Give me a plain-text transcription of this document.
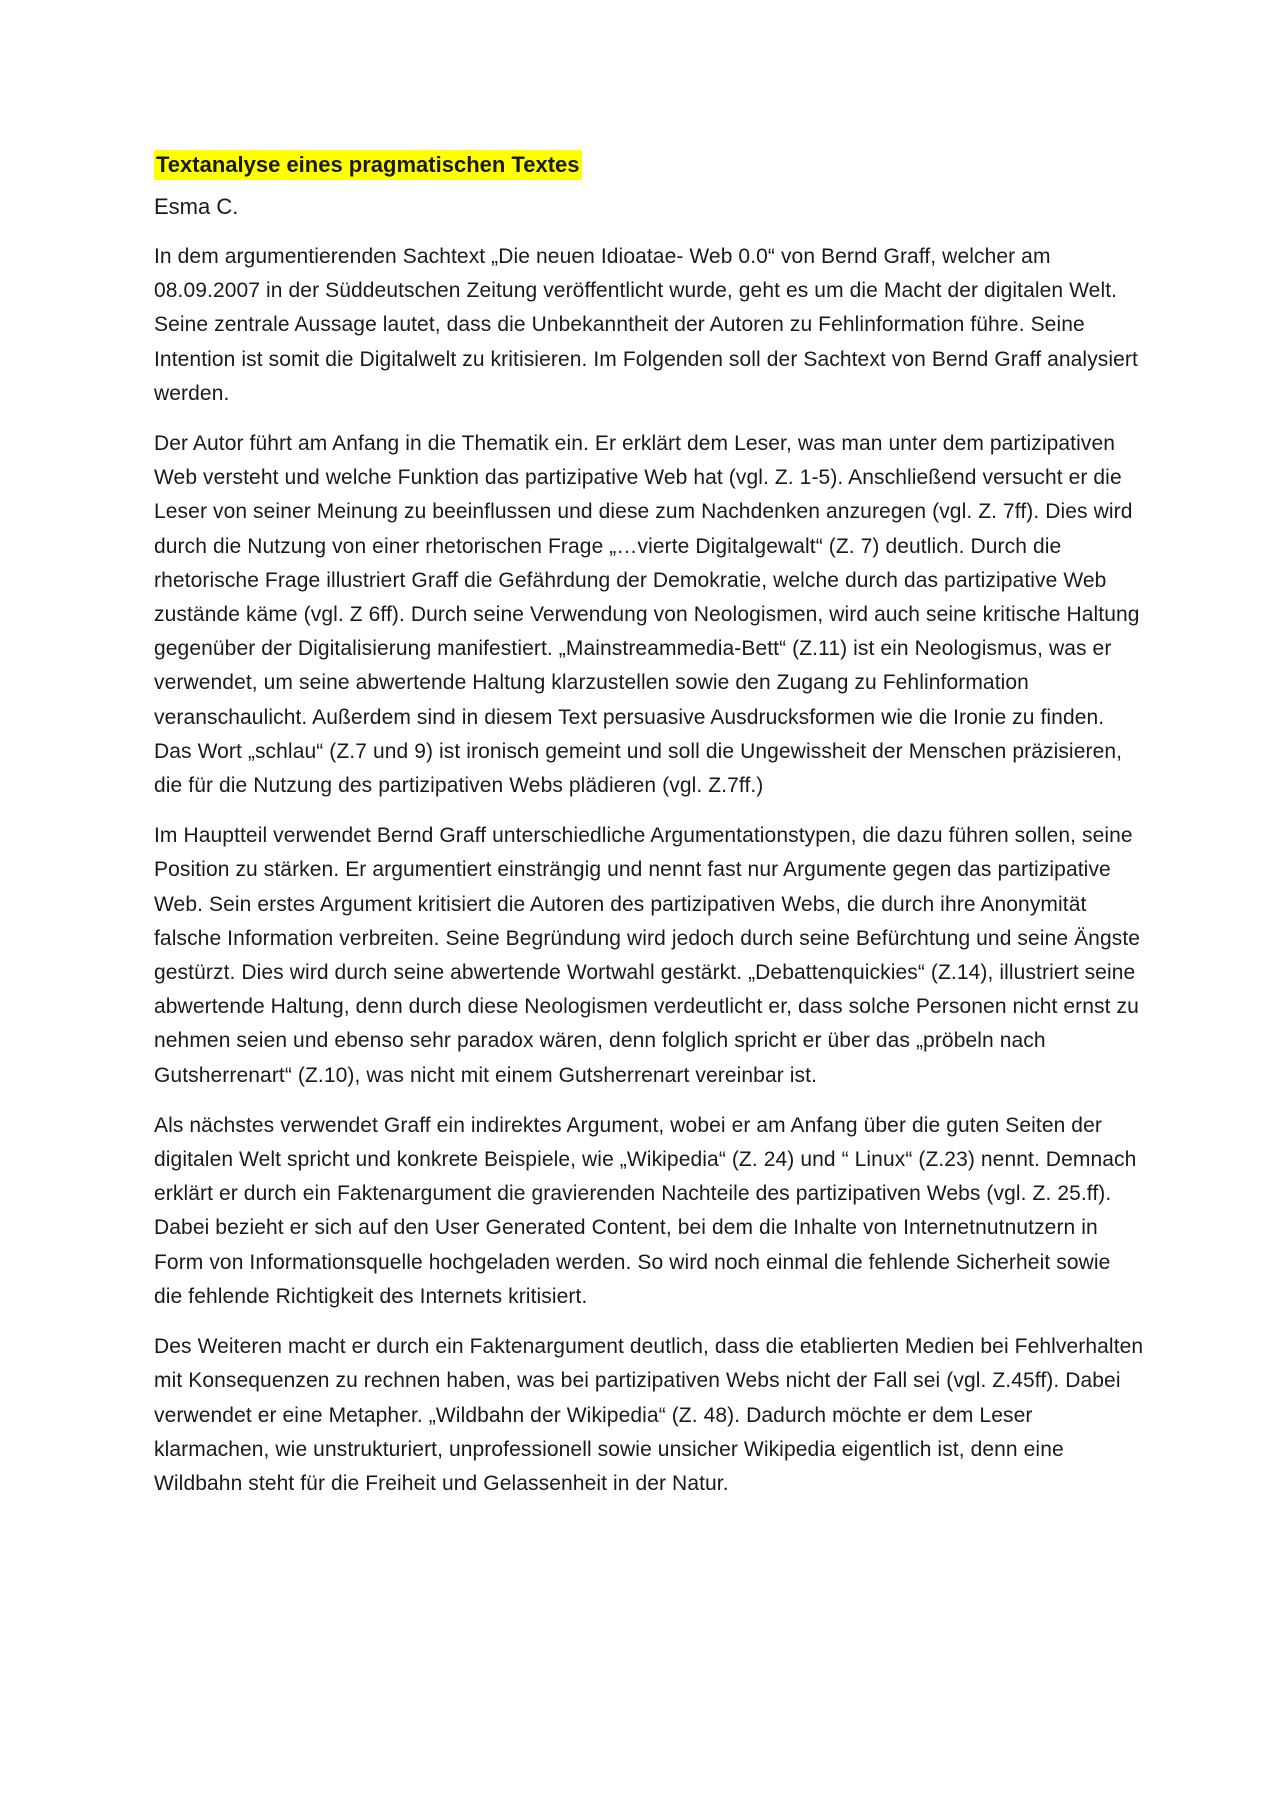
Textanalyse eines pragmatischen Textes

Esma C.

In dem argumentierenden Sachtext „Die neuen Idioatae- Web 0.0“ von Bernd Graff, welcher am 08.09.2007 in der Süddeutschen Zeitung veröffentlicht wurde, geht es um die Macht der digitalen Welt. Seine zentrale Aussage lautet, dass die Unbekanntheit der Autoren zu Fehlinformation führe. Seine Intention ist somit die Digitalwelt zu kritisieren. Im Folgenden soll der Sachtext von Bernd Graff analysiert werden.

Der Autor führt am Anfang in die Thematik ein. Er erklärt dem Leser, was man unter dem partizipativen Web versteht und welche Funktion das partizipative Web hat (vgl. Z. 1-5). Anschließend versucht er die Leser von seiner Meinung zu beeinflussen und diese zum Nachdenken anzuregen (vgl. Z. 7ff). Dies wird durch die Nutzung von einer rhetorischen Frage „…vierte Digitalgewalt“ (Z. 7) deutlich. Durch die rhetorische Frage illustriert Graff die Gefährdung der Demokratie, welche durch das partizipative Web zuständе käme (vgl. Z 6ff). Durch seine Verwendung von Neologismen, wird auch seine kritische Haltung gegenüber der Digitalisierung manifestiert. „Mainstreammedia-Bett“ (Z.11) ist ein Neologismus, was er verwendet, um seine abwertende Haltung klarzustellen sowie den Zugang zu Fehlinformation veranschaulicht. Außerdem sind in diesem Text persuasive Ausdrucksformen wie die Ironie zu finden. Das Wort „schlau“ (Z.7 und 9) ist ironisch gemeint und soll die Ungewissheit der Menschen präzisieren, die für die Nutzung des partizipativen Webs plädieren (vgl. Z.7ff.)

Im Hauptteil verwendet Bernd Graff unterschiedliche Argumentationstypen, die dazu führen sollen, seine Position zu stärken. Er argumentiert einsträngig und nennt fast nur Argumente gegen das partizipative Web. Sein erstes Argument kritisiert die Autoren des partizipativen Webs, die durch ihre Anonymität falsche Information verbreiten. Seine Begründung wird jedoch durch seine Befürchtung und seine Ängste gestürzt. Dies wird durch seine abwertende Wortwahl gestärkt. „Debattenquickies“ (Z.14), illustriert seine abwertende Haltung, denn durch diese Neologismen verdeutlicht er, dass solche Personen nicht ernst zu nehmen seien und ebenso sehr paradox wären, denn folglich spricht er über das „pröbeln nach Gutsherrenart“ (Z.10), was nicht mit einem Gutsherrenart vereinbar ist.

Als nächstes verwendet Graff ein indirektes Argument, wobei er am Anfang über die guten Seiten der digitalen Welt spricht und konkrete Beispiele, wie „Wikipedia“ (Z. 24) und “ Linux“ (Z.23) nennt. Demnach erklärt er durch ein Faktenargument die gravierenden Nachteile des partizipativen Webs (vgl. Z. 25.ff). Dabei bezieht er sich auf den User Generated Content, bei dem die Inhalte von Internetnutnutzern in Form von Informationsquelle hochgeladen werden. So wird noch einmal die fehlende Sicherheit sowie die fehlende Richtigkeit des Internets kritisiert.

Des Weiteren macht er durch ein Faktenargument deutlich, dass die etablierten Medien bei Fehlverhalten mit Konsequenzen zu rechnen haben, was bei partizipativen Webs nicht der Fall sei (vgl. Z.45ff). Dabei verwendet er eine Metapher. „Wildbahn der Wikipedia“ (Z. 48). Dadurch möchte er dem Leser klarmachen, wie unstrukturiert, unprofessionell sowie unsicher Wikipedia eigentlich ist, denn eine Wildbahn steht für die Freiheit und Gelassenheit in der Natur.
